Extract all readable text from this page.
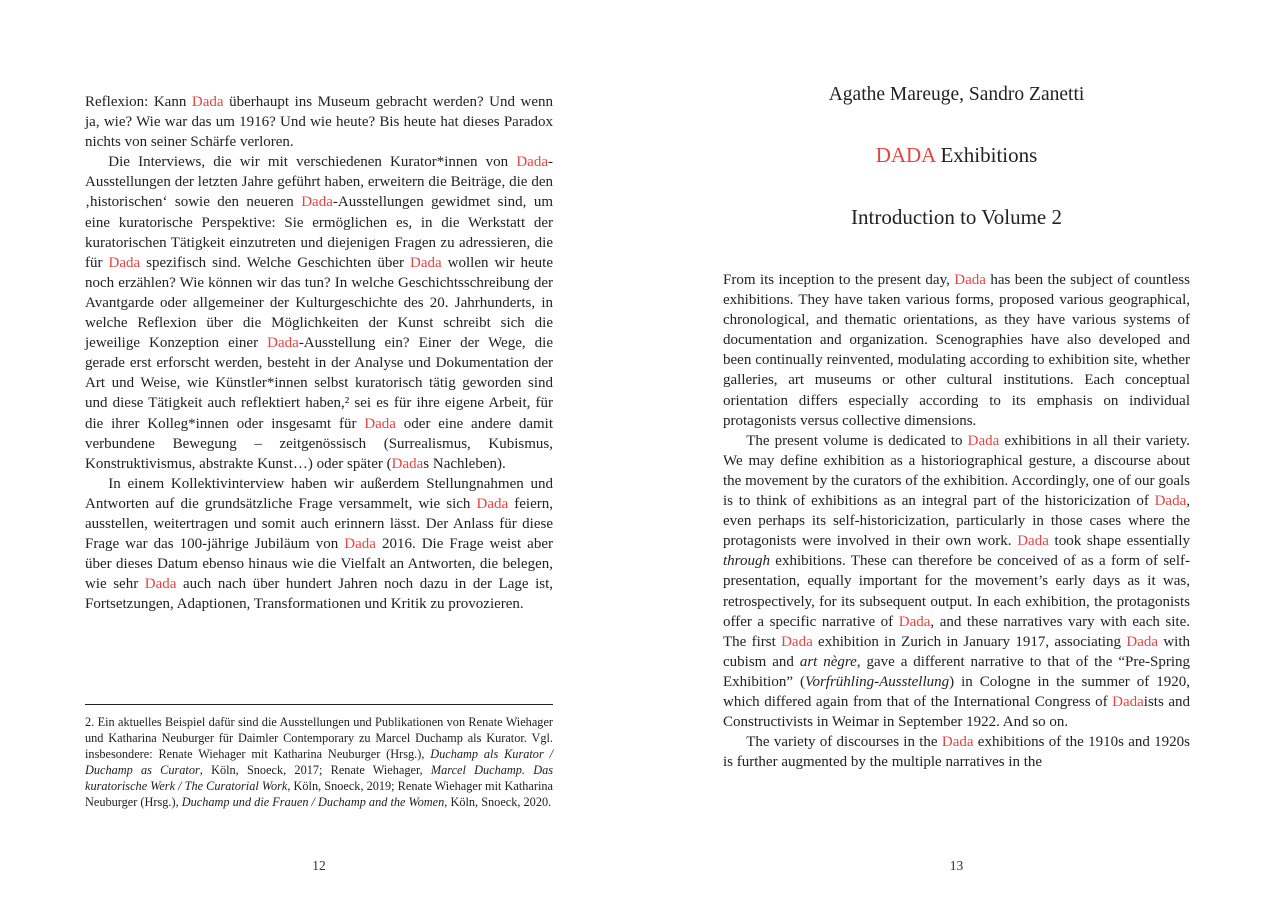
Reflexion: Kann Dada überhaupt ins Museum gebracht werden? Und wenn ja, wie? Wie war das um 1916? Und wie heute? Bis heute hat dieses Paradox nichts von seiner Schärfe verloren.

Die Interviews, die wir mit verschiedenen Kurator*innen von Dada-Ausstellungen der letzten Jahre geführt haben, erweitern die Beiträge, die den ‚historischen‘ sowie den neueren Dada-Ausstellungen gewidmet sind, um eine kuratorische Perspektive: Sie ermöglichen es, in die Werkstatt der kuratorischen Tätigkeit einzutreten und diejenigen Fragen zu adressieren, die für Dada spezifisch sind. Welche Geschichten über Dada wollen wir heute noch erzählen? Wie können wir das tun? In welche Geschichtsschreibung der Avantgarde oder allgemeiner der Kulturgeschichte des 20. Jahrhunderts, in welche Reflexion über die Möglichkeiten der Kunst schreibt sich die jeweilige Konzeption einer Dada-Ausstellung ein? Einer der Wege, die gerade erst erforscht werden, besteht in der Analyse und Dokumentation der Art und Weise, wie Künstler*innen selbst kuratorisch tätig geworden sind und diese Tätigkeit auch reflektiert haben,² sei es für ihre eigene Arbeit, für die ihrer Kolleg*innen oder insgesamt für Dada oder eine andere damit verbundene Bewegung – zeitgenössisch (Surrealismus, Kubismus, Konstruktivismus, abstrakte Kunst…) oder später (Dadas Nachleben).

In einem Kollektivinterview haben wir außerdem Stellungnahmen und Antworten auf die grundsätzliche Frage versammelt, wie sich Dada feiern, ausstellen, weitertragen und somit auch erinnern lässt. Der Anlass für diese Frage war das 100-jährige Jubiläum von Dada 2016. Die Frage weist aber über dieses Datum ebenso hinaus wie die Vielfalt an Antworten, die belegen, wie sehr Dada auch nach über hundert Jahren noch dazu in der Lage ist, Fortsetzungen, Adaptionen, Transformationen und Kritik zu provozieren.

2. Ein aktuelles Beispiel dafür sind die Ausstellungen und Publikationen von Renate Wiehager und Katharina Neuburger für Daimler Contemporary zu Marcel Duchamp als Kurator. Vgl. insbesondere: Renate Wiehager mit Katharina Neuburger (Hrsg.), Duchamp als Kurator / Duchamp as Curator, Köln, Snoeck, 2017; Renate Wiehager, Marcel Duchamp. Das kuratorische Werk / The Curatorial Work, Köln, Snoeck, 2019; Renate Wiehager mit Katharina Neuburger (Hrsg.), Duchamp und die Frauen / Duchamp and the Women, Köln, Snoeck, 2020.

Agathe Mareuge, Sandro Zanetti
DADA Exhibitions
Introduction to Volume 2

From its inception to the present day, Dada has been the subject of countless exhibitions. They have taken various forms, proposed various geographical, chronological, and thematic orientations, as they have various systems of documentation and organization. Scenographies have also developed and been continually reinvented, modulating according to exhibition site, whether galleries, art museums or other cultural institutions. Each conceptual orientation differs especially according to its emphasis on individual protagonists versus collective dimensions.

The present volume is dedicated to Dada exhibitions in all their variety. We may define exhibition as a historiographical gesture, a discourse about the movement by the curators of the exhibition. Accordingly, one of our goals is to think of exhibitions as an integral part of the historicization of Dada, even perhaps its self-historicization, particularly in those cases where the protagonists were involved in their own work. Dada took shape essentially through exhibitions. These can therefore be conceived of as a form of self-presentation, equally important for the movement’s early days as it was, retrospectively, for its subsequent output. In each exhibition, the protagonists offer a specific narrative of Dada, and these narratives vary with each site. The first Dada exhibition in Zurich in January 1917, associating Dada with cubism and art nègre, gave a different narrative to that of the “Pre-Spring Exhibition” (Vorfrühling-Ausstellung) in Cologne in the summer of 1920, which differed again from that of the International Congress of Dadaists and Constructivists in Weimar in September 1922. And so on.

The variety of discourses in the Dada exhibitions of the 1910s and 1920s is further augmented by the multiple narratives in the

12	13
